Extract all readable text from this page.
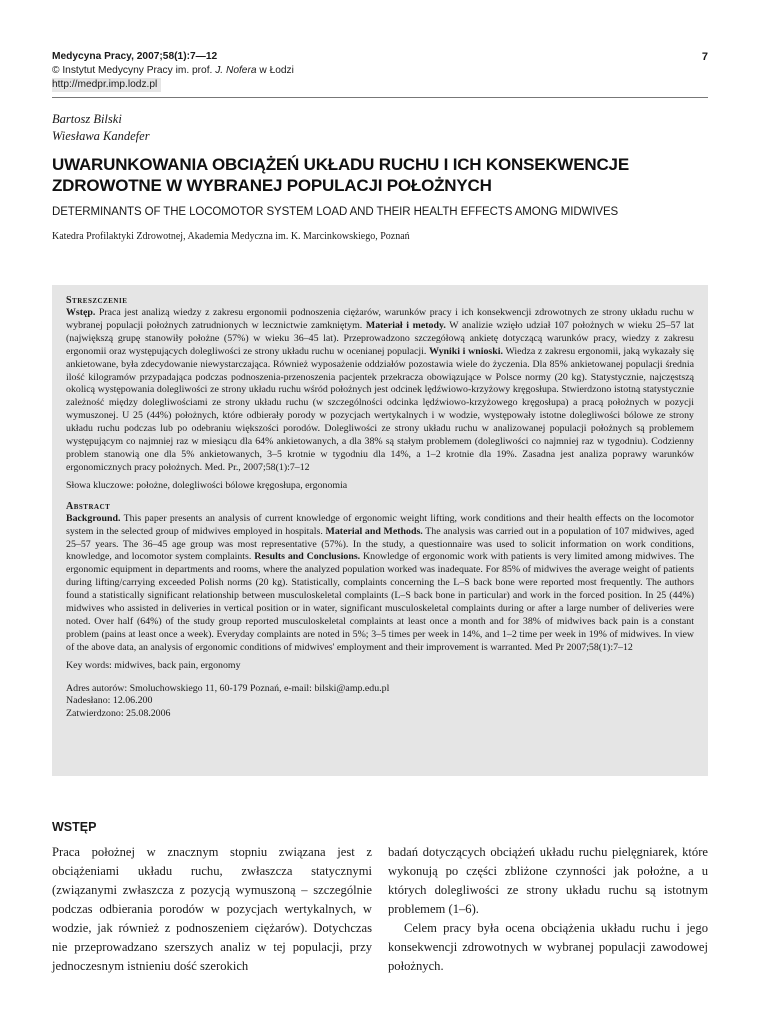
Medycyna Pracy, 2007;58(1):7—12
© Instytut Medycyny Pracy im. prof. J. Nofera w Łodzi
http://medpr.imp.lodz.pl
7
Bartosz Bilski
Wiesława Kandefer
UWARUNKOWANIA OBCIĄŻEŃ UKŁADU RUCHU I ICH KONSEKWENCJE
ZDROWOTNE W WYBRANEJ POPULACJI POŁOŻNYCH
DETERMINANTS OF THE LOCOMOTOR SYSTEM LOAD AND THEIR HEALTH EFFECTS AMONG MIDWIVES
Katedra Profilaktyki Zdrowotnej, Akademia Medyczna im. K. Marcinkowskiego, Poznań
Streszczenie

Wstęp. Praca jest analizą wiedzy z zakresu ergonomii podnoszenia ciężarów, warunków pracy i ich konsekwencji zdrowotnych ze strony układu ruchu w wybranej populacji położnych zatrudnionych w lecznictwie zamkniętym. Materiał i metody. W analizie wzięło udział 107 położnych w wieku 25–57 lat (największą grupę stanowiły położne (57%) w wieku 36–45 lat). Przeprowadzono szczegółową ankietę dotyczącą warunków pracy, wiedzy z zakresu ergonomii oraz występujących dolegliwości ze strony układu ruchu w ocenianej populacji. Wyniki i wnioski. Wiedza z zakresu ergonomii, jaką wykazały się ankietowane, była zdecydowanie niewystarczająca. Również wyposażenie oddziałów pozostawia wiele do życzenia. Dla 85% ankietowanej populacji średnia ilość kilogramów przypadająca podczas podnoszenia-przenoszenia pacjentek przekracza obowiązujące w Polsce normy (20 kg). Statystycznie, najczęstszą okolicą występowania dolegliwości ze strony układu ruchu wśród położnych jest odcinek lędźwiowo-krzyżowy kręgosłupa. Stwierdzono istotną statystycznie zależność między dolegliwościami ze strony układu ruchu (w szczególności odcinka lędźwiowo-krzyżowego kręgosłupa) a pracą położnych w pozycji wymuszonej. U 25 (44%) położnych, które odbierały porody w pozycjach wertykalnych i w wodzie, występowały istotne dolegliwości bólowe ze strony układu ruchu podczas lub po odebraniu większości porodów. Dolegliwości ze strony układu ruchu w analizowanej populacji położnych są problemem występującym co najmniej raz w miesiącu dla 64% ankietowanych, a dla 38% są stałym problemem (dolegliwości co najmniej raz w tygodniu). Codzienny problem stanowią one dla 5% ankietowanych, 3–5 krotnie w tygodniu dla 14%, a 1–2 krotnie dla 19%. Zasadna jest analiza poprawy warunków ergonomicznych pracy położnych. Med. Pr., 2007;58(1):7–12

Słowa kluczowe: położne, dolegliwości bólowe kręgosłupa, ergonomia

Abstract

Background. This paper presents an analysis of current knowledge of ergonomic weight lifting, work conditions and their health effects on the locomotor system in the selected group of midwives employed in hospitals. Material and Methods. The analysis was carried out in a population of 107 midwives, aged 25–57 years. The 36–45 age group was most representative (57%). In the study, a questionnaire was used to solicit information on work conditions, knowledge, and locomotor system complaints. Results and Conclusions. Knowledge of ergonomic work with patients is very limited among midwives. The ergonomic equipment in departments and rooms, where the analyzed population worked was inadequate. For 85% of midwives the average weight of patients during lifting/carrying exceeded Polish norms (20 kg). Statistically, complaints concerning the L–S back bone were reported most frequently. The authors found a statistically significant relationship between musculoskeletal complaints (L–S back bone in particular) and work in the forced position. In 25 (44%) midwives who assisted in deliveries in vertical position or in water, significant musculoskeletal complaints during or after a large number of deliveries were noted. Over half (64%) of the study group reported musculoskeletal complaints at least once a month and for 38% of midwives back pain is a constant problem (pains at least once a week). Everyday complaints are noted in 5%; 3–5 times per week in 14%, and 1–2 time per week in 19% of midwives. In view of the above data, an analysis of ergonomic conditions of midwives' employment and their improvement is warranted. Med Pr 2007;58(1):7–12

Key words: midwives, back pain, ergonomy

Adres autorów: Smoluchowskiego 11, 60-179 Poznań, e-mail: bilski@amp.edu.pl
Nadesłano: 12.06.200
Zatwierdzono: 25.08.2006

WSTĘP

Praca położnej w znacznym stopniu związana jest z obciążeniami układu ruchu, zwłaszcza statycznymi (związanymi zwłaszcza z pozycją wymuszoną – szczególnie podczas odbierania porodów w pozycjach wertykalnych, w wodzie, jak również z podnoszeniem ciężarów). Dotychczas nie przeprowadzano szerszych analiz w tej populacji, przy jednoczesnym istnieniu dość szerokich

badań dotyczących obciążeń układu ruchu pielęgniarek, które wykonują po części zbliżone czynności jak położne, a u których dolegliwości ze strony układu ruchu są istotnym problemem (1–6).

Celem pracy była ocena obciążenia układu ruchu i jego konsekwencji zdrowotnych w wybranej populacji zawodowej położnych.
